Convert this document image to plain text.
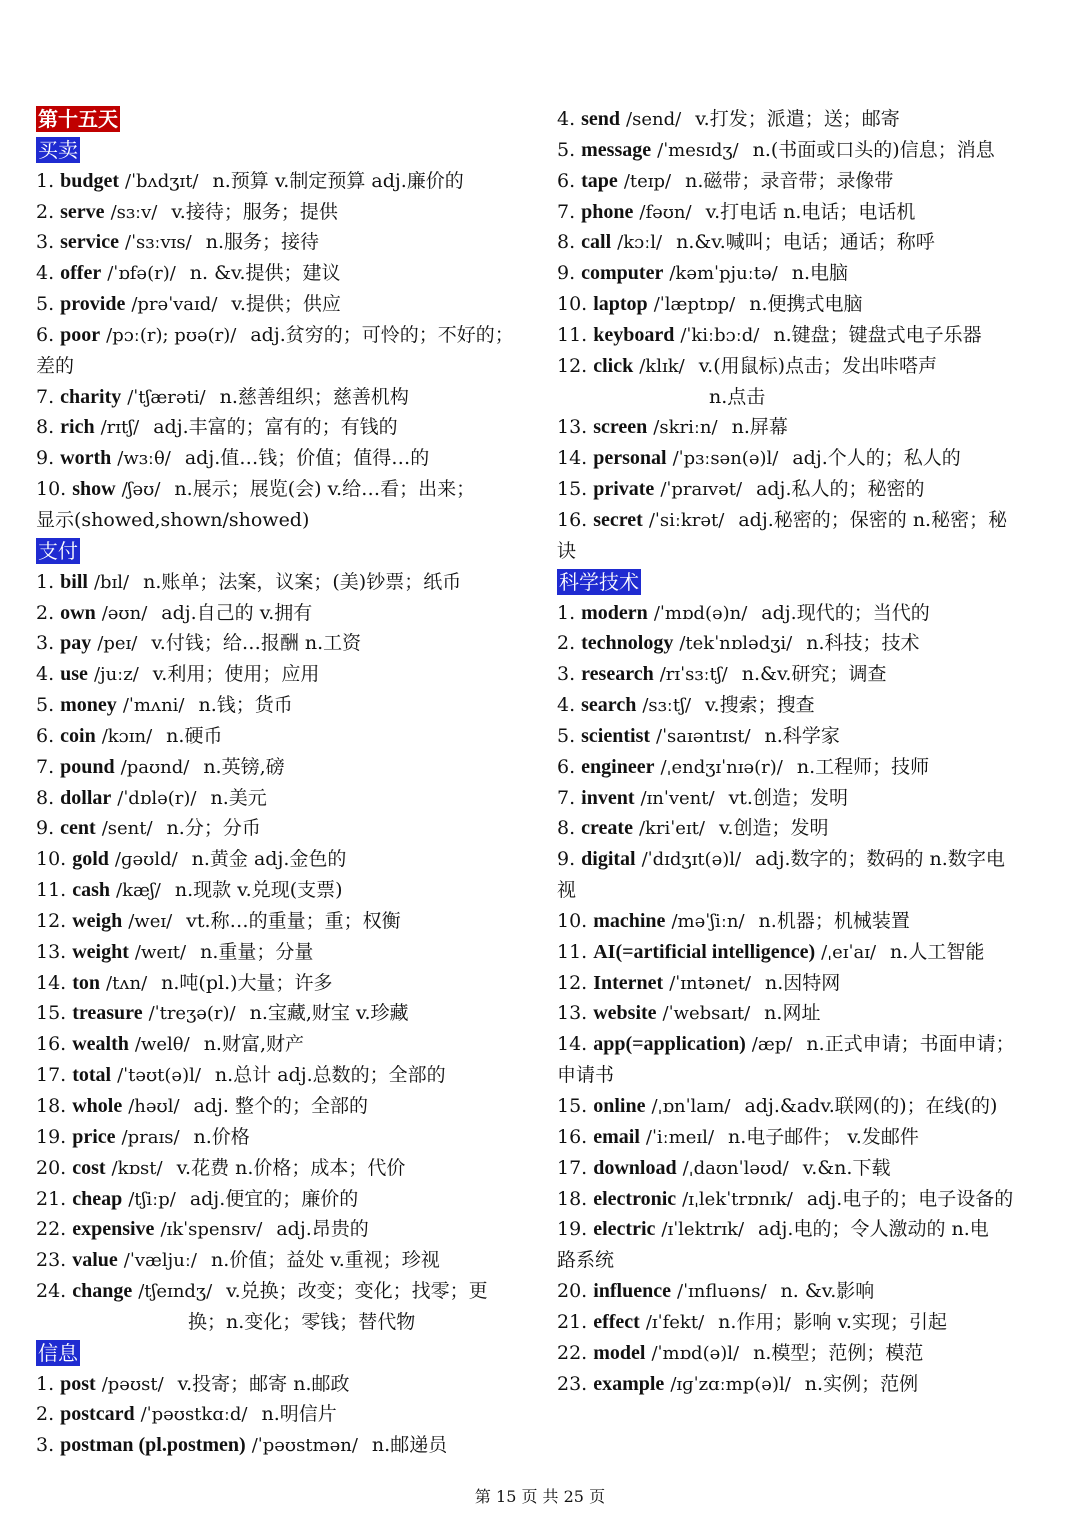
第十五天
买卖
1. budget /ˈbʌdʒɪt/ n.预算 v.制定预算 adj.廉价的
2. serve /sɜːv/ v.接待；服务；提供
3. service /ˈsɜːvɪs/ n.服务；接待
4. offer /ˈɒfə(r)/ n. &v.提供；建议
5. provide /prəˈvaɪd/ v.提供；供应
6. poor /pɔː(r); pʊə(r)/ adj.贫穷的；可怜的；不好的；
差的
7. charity /ˈtʃærəti/ n.慈善组织；慈善机构
8. rich /rɪtʃ/ adj.丰富的；富有的；有钱的
9. worth /wɜːθ/ adj.值…钱；价值；值得…的
10. show /ʃəʊ/ n.展示；展览(会) v.给…看；出来；
显示(showed,shown/showed)
支付
1. bill /bɪl/ n.账单；法案，议案；(美)钞票；纸币
2. own /əʊn/ adj.自己的 v.拥有
3. pay /peɪ/ v.付钱；给…报酬 n.工资
4. use /juːz/ v.利用；使用；应用
5. money /ˈmʌni/ n.钱；货币
6. coin /kɔɪn/ n.硬币
7. pound /paʊnd/ n.英镑,磅
8. dollar /ˈdɒlə(r)/ n.美元
9. cent /sent/ n.分；分币
10. gold /ɡəʊld/ n.黄金 adj.金色的
11. cash /kæʃ/ n.现款 v.兑现(支票)
12. weigh /weɪ/ vt.称…的重量；重；权衡
13. weight /weɪt/ n.重量；分量
14. ton /tʌn/ n.吨(pl.)大量；许多
15. treasure /ˈtreʒə(r)/ n.宝藏,财宝 v.珍藏
16. wealth /welθ/ n.财富,财产
17. total /ˈtəʊt(ə)l/ n.总计 adj.总数的；全部的
18. whole /həʊl/ adj. 整个的；全部的
19. price /praɪs/ n.价格
20. cost /kɒst/ v.花费 n.价格；成本；代价
21. cheap /tʃiːp/ adj.便宜的；廉价的
22. expensive /ɪkˈspensɪv/ adj.昂贵的
23. value /ˈvæljuː/ n.价值；益处 v.重视；珍视
24. change /tʃeɪndʒ/ v.兑换；改变；变化；找零；更
换；n.变化；零钱；替代物
信息
1. post /pəʊst/ v.投寄；邮寄 n.邮政
2. postcard /ˈpəʊstkɑːd/ n.明信片
3. postman (pl.postmen) /ˈpəʊstmən/ n.邮递员
4. send /send/ v.打发；派遣；送；邮寄
5. message /ˈmesɪdʒ/ n.(书面或口头的)信息；消息
6. tape /teɪp/ n.磁带；录音带；录像带
7. phone /fəʊn/ v.打电话 n.电话；电话机
8. call /kɔːl/ n.&v.喊叫；电话；通话；称呼
9. computer /kəmˈpjuːtə/ n.电脑
10. laptop /ˈlæptɒp/ n.便携式电脑
11. keyboard /ˈkiːbɔːd/ n.键盘；键盘式电子乐器
12. click /klɪk/ v.(用鼠标)点击；发出咔嗒声
n.点击
13. screen /skriːn/ n.屏幕
14. personal /ˈpɜːsən(ə)l/ adj.个人的；私人的
15. private /ˈpraɪvət/ adj.私人的；秘密的
16. secret /ˈsiːkrət/ adj.秘密的；保密的 n.秘密；秘
诀
科学技术
1. modern /ˈmɒd(ə)n/ adj.现代的；当代的
2. technology /tekˈnɒlədʒi/ n.科技；技术
3. research /rɪˈsɜːtʃ/ n.&v.研究；调查
4. search /sɜːtʃ/ v.搜索；搜查
5. scientist /ˈsaɪəntɪst/ n.科学家
6. engineer /ˌendʒɪˈnɪə(r)/ n.工程师；技师
7. invent /ɪnˈvent/ vt.创造；发明
8. create /kriˈeɪt/ v.创造；发明
9. digital /ˈdɪdʒɪt(ə)l/ adj.数字的；数码的 n.数字电
视
10. machine /məˈʃiːn/ n.机器；机械装置
11. AI(=artificial intelligence) /ˌeɪˈaɪ/ n.人工智能
12. Internet /ˈɪntənet/ n.因特网
13. website /ˈwebsaɪt/ n.网址
14. app(=application) /æp/ n.正式申请；书面申请；
申请书
15. online /ˌɒnˈlaɪn/ adj.&adv.联网(的)；在线(的)
16. email /ˈiːmeɪl/ n.电子邮件； v.发邮件
17. download /ˌdaʊnˈləʊd/ v.&n.下载
18. electronic /ɪˌlekˈtrɒnɪk/ adj.电子的；电子设备的
19. electric /ɪˈlektrɪk/ adj.电的；令人激动的 n.电
路系统
20. influence /ˈɪnfluəns/ n. &v.影响
21. effect /ɪˈfekt/ n.作用；影响 v.实现；引起
22. model /ˈmɒd(ə)l/ n.模型；范例；模范
23. example /ɪɡˈzɑːmp(ə)l/ n.实例；范例
第 15 页 共 25 页
